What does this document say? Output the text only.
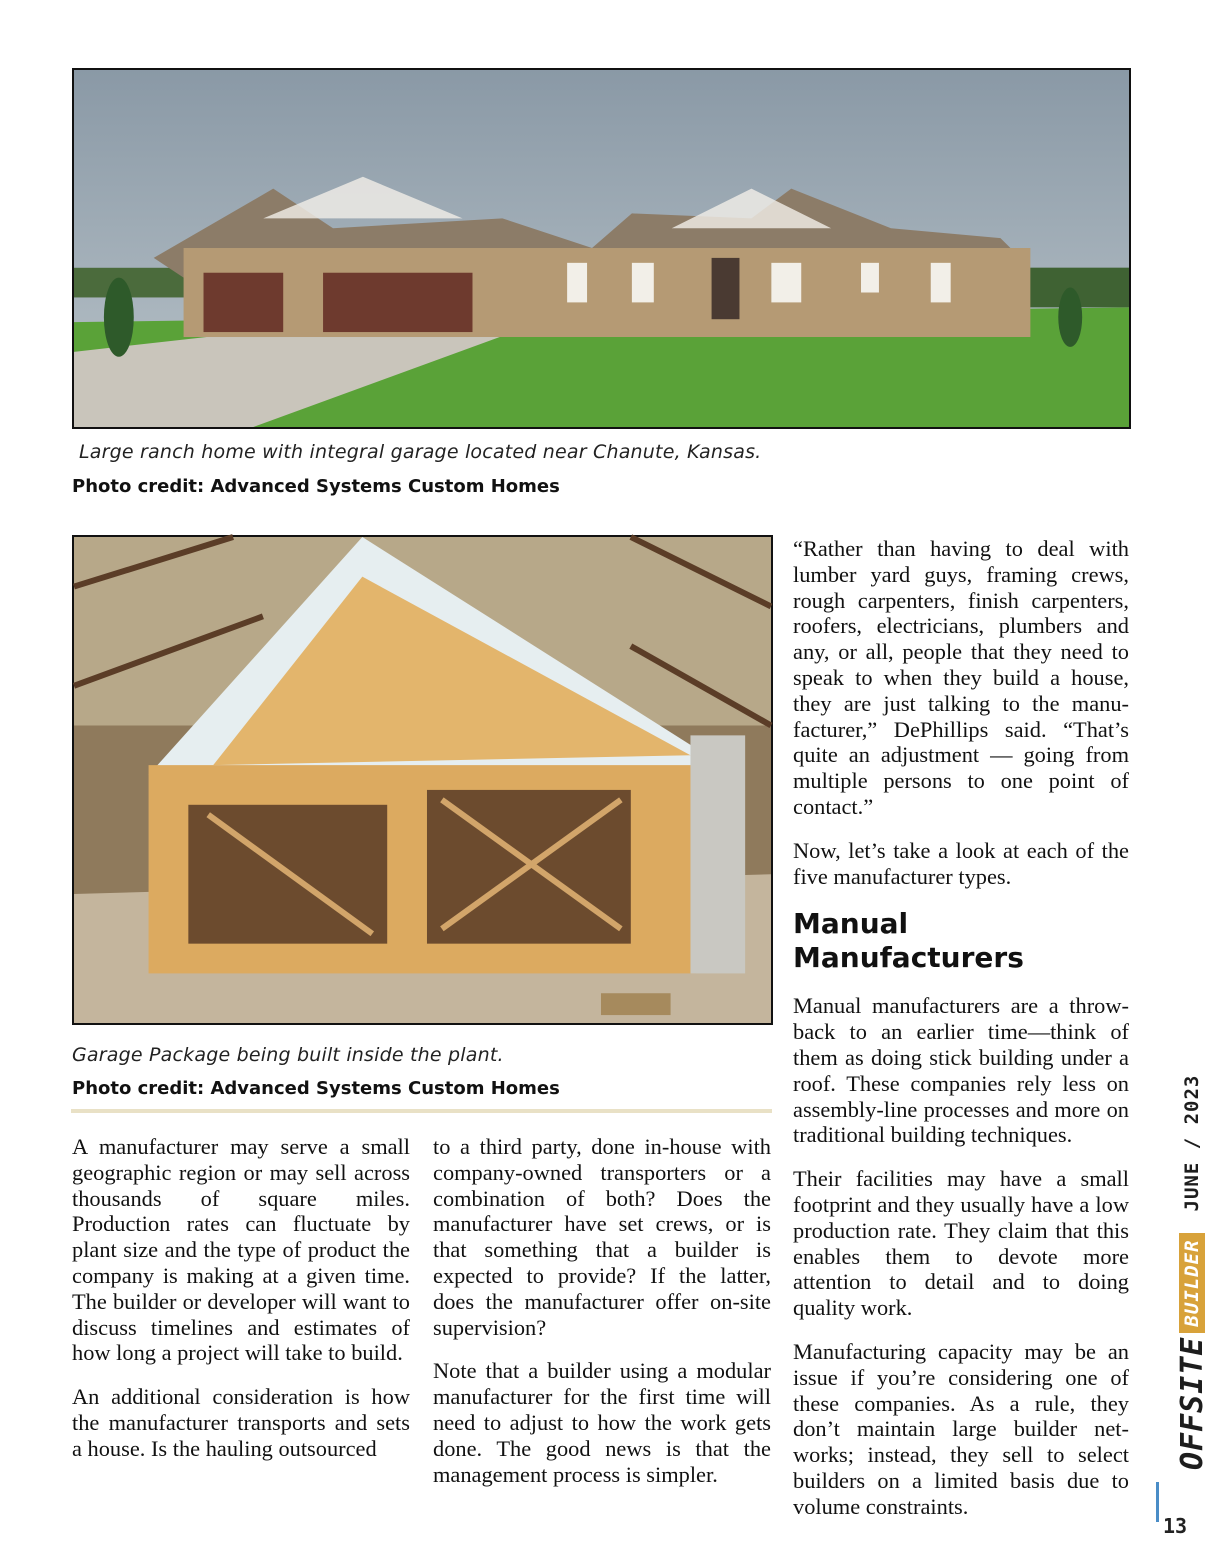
Large ranch home with integral garage located near Chanute, Kansas.
Photo credit: Advanced Systems Custom Homes
Garage Package being built inside the plant.
Photo credit: Advanced Systems Custom Homes

A manufacturer may serve a small geographic region or may sell across thousands of square miles. Production rates can fluctuate by plant size and the type of product the company is making at a given time. The builder or developer will want to discuss timelines and estimates of how long a project will take to build.

An additional consideration is how the manufacturer transports and sets a house. Is the hauling outsourced

to a third party, done in-house with company-owned transporters or a combination of both? Does the manufacturer have set crews, or is that something that a builder is expected to provide? If the latter, does the manufacturer offer on-site supervision?

Note that a builder using a modular manufacturer for the first time will need to adjust to how the work gets done. The good news is that the management process is simpler.

“Rather than having to deal with lumber yard guys, framing crews, rough carpenters, finish carpenters, roofers, electricians, plumbers and any, or all, people that they need to speak to when they build a house, they are just talking to the manufacturer,” DePhillips said. “That’s quite an adjustment — going from multiple persons to one point of contact.”

Now, let’s take a look at each of the five manufacturer types.

Manual Manufacturers

Manual manufacturers are a throwback to an earlier time—think of them as doing stick building under a roof. These companies rely less on assembly-line processes and more on traditional building techniques.

Their facilities may have a small footprint and they usually have a low production rate. They claim that this enables them to devote more attention to detail and to doing quality work.

Manufacturing capacity may be an issue if you’re considering one of these companies. As a rule, they don’t maintain large builder networks; instead, they sell to select builders on a limited basis due to volume constraints.

OFFSITEBUILDERJUNE / 2023
13
